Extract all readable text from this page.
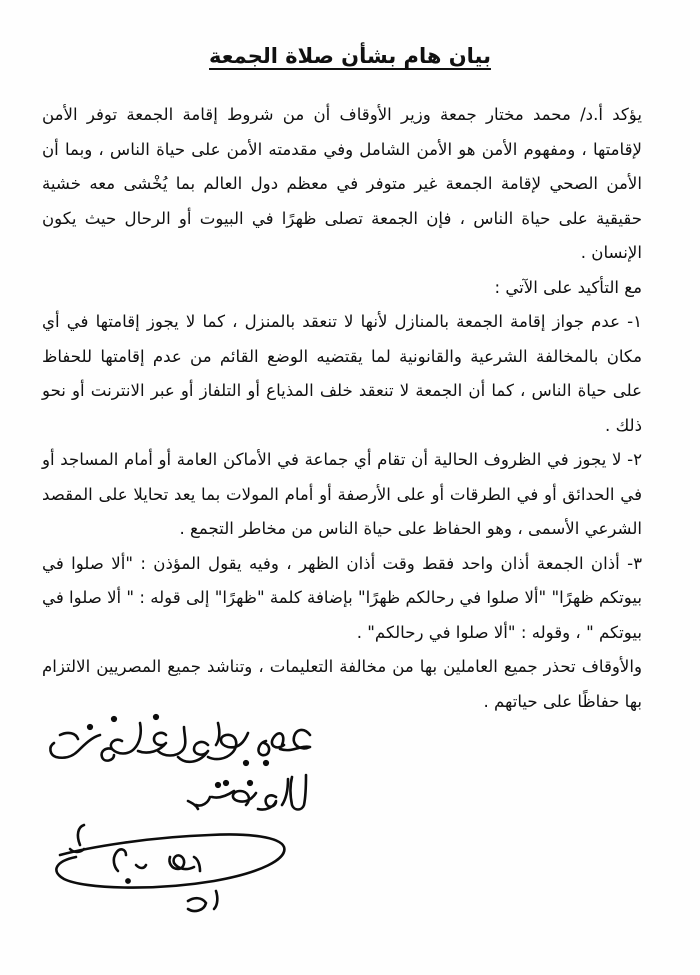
بيان هام بشأن صلاة الجمعة

يؤكد أ.د/ محمد مختار جمعة وزير الأوقاف أن من شروط إقامة الجمعة توفر الأمن لإقامتها ، ومفهوم الأمن هو الأمن الشامل وفي مقدمته الأمن على حياة الناس ، وبما أن الأمن الصحي لإقامة الجمعة غير متوفر في معظم دول العالم بما يُخْشى معه خشية حقيقية على حياة الناس ، فإن الجمعة تصلى ظهرًا في البيوت أو الرحال حيث يكون الإنسان .

مع التأكيد على الآتي :

١- عدم جواز إقامة الجمعة بالمنازل لأنها لا تنعقد بالمنزل ، كما لا يجوز إقامتها في أي مكان بالمخالفة الشرعية والقانونية لما يقتضيه الوضع القائم من عدم إقامتها للحفاظ على حياة الناس ، كما أن الجمعة لا تنعقد خلف المذياع أو التلفاز أو عبر الانترنت أو نحو ذلك .

٢- لا يجوز في الظروف الحالية أن تقام أي جماعة في الأماكن العامة أو أمام المساجد أو في الحدائق أو في الطرقات أو على الأرصفة أو أمام المولات بما يعد تحايلا على المقصد الشرعي الأسمى ، وهو الحفاظ على حياة الناس من مخاطر التجمع .

٣- أذان الجمعة أذان واحد فقط وقت أذان الظهر ، وفيه يقول المؤذن : "ألا صلوا في بيوتكم ظهرًا" "ألا صلوا في رحالكم ظهرًا" بإضافة كلمة "ظهرًا" إلى قوله : " ألا صلوا في بيوتكم " ، وقوله : "ألا صلوا في رحالكم" .

والأوقاف تحذر جميع العاملين بها من مخالفة التعليمات ، وتناشد جميع المصريين الالتزام بها حفاظًا على حياتهم .
